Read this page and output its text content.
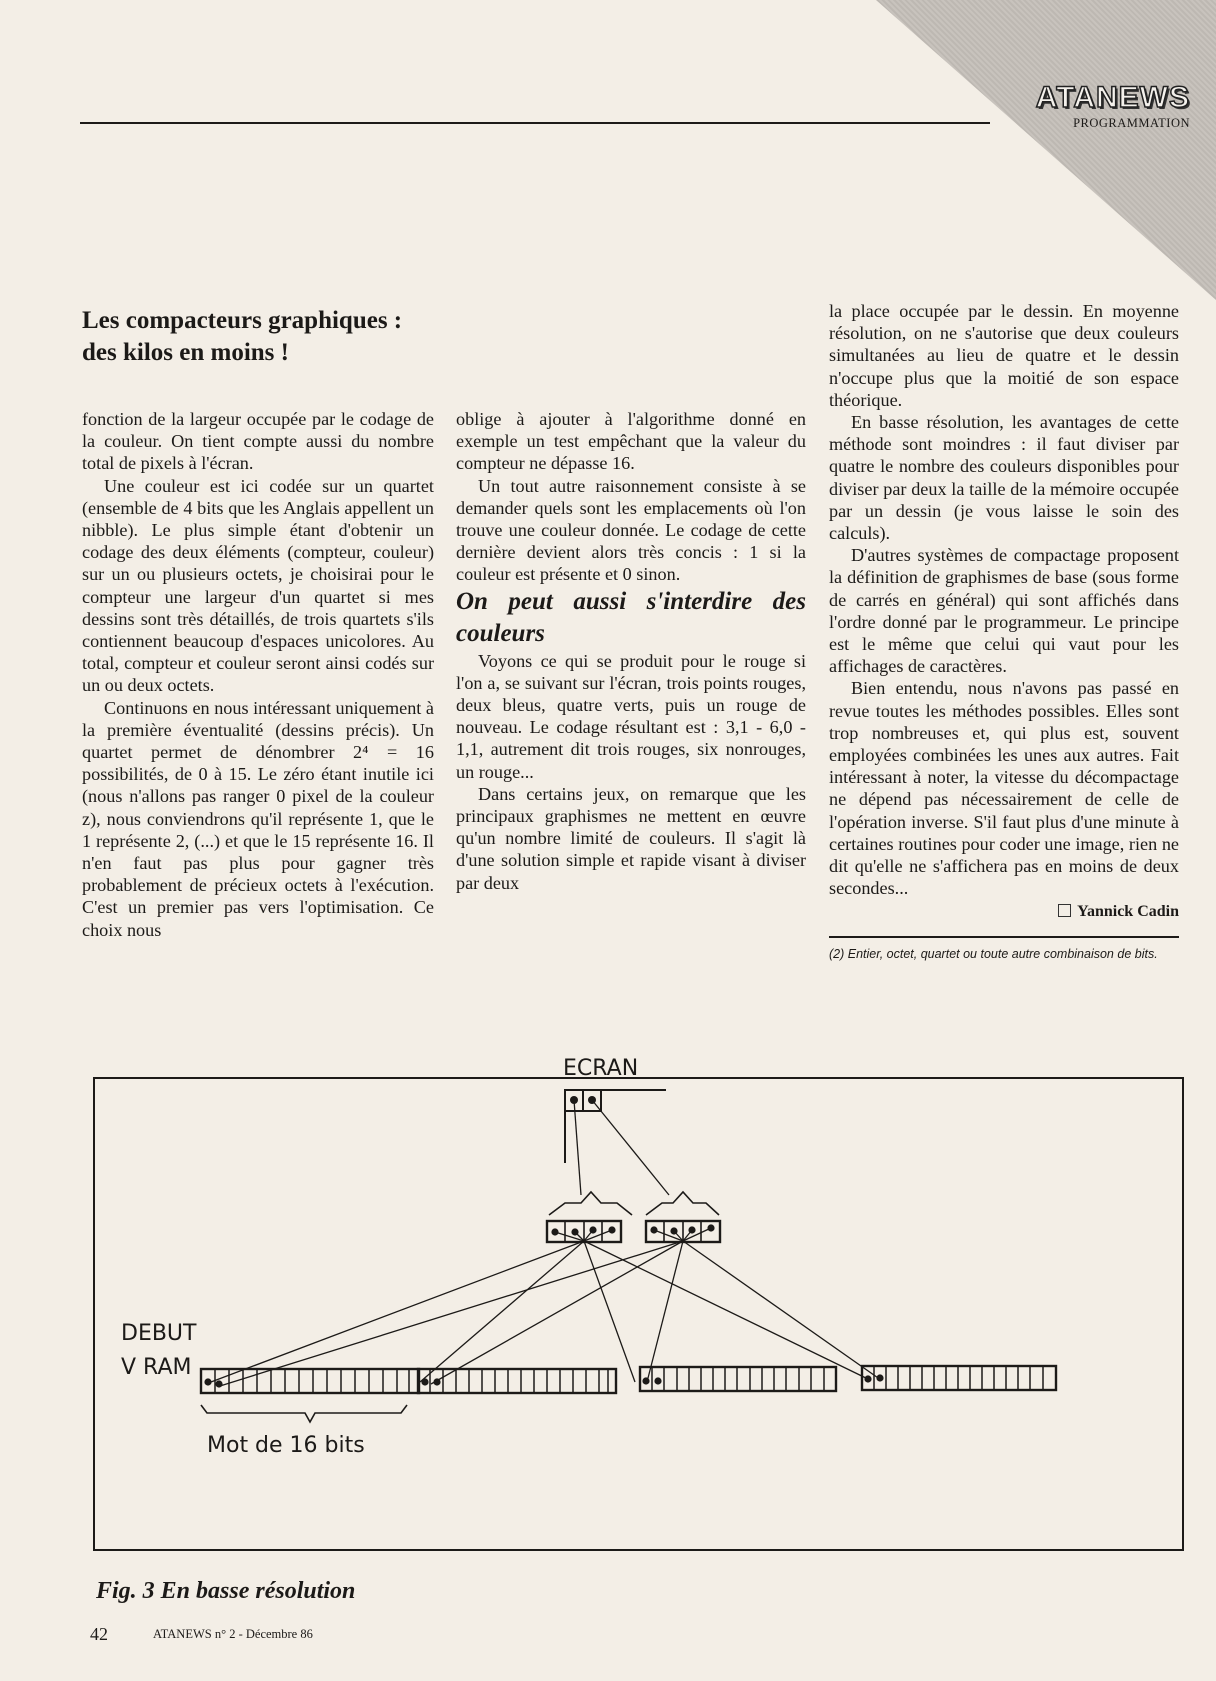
ATANEWS
PROGRAMMATION
Les compacteurs graphiques :
des kilos en moins !

fonction de la largeur occupée par le codage de la couleur. On tient compte aussi du nombre total de pixels à l'écran.

Une couleur est ici codée sur un quartet (ensemble de 4 bits que les Anglais appellent un nibble). Le plus simple étant d'obtenir un codage des deux éléments (compteur, couleur) sur un ou plusieurs octets, je choisirai pour le compteur une largeur d'un quartet si mes dessins sont très détaillés, de trois quartets s'ils contiennent beaucoup d'espaces unicolores. Au total, compteur et couleur seront ainsi codés sur un ou deux octets.

Continuons en nous intéressant uniquement à la première éventualité (dessins précis). Un quartet permet de dénombrer 2⁴ = 16 possibilités, de 0 à 15. Le zéro étant inutile ici (nous n'allons pas ranger 0 pixel de la couleur z), nous conviendrons qu'il représente 1, que le 1 représente 2, (...) et que le 15 représente 16. Il n'en faut pas plus pour gagner très probablement de précieux octets à l'exécution. C'est un premier pas vers l'optimisation. Ce choix nous

oblige à ajouter à l'algorithme donné en exemple un test empêchant que la valeur du compteur ne dépasse 16.

Un tout autre raisonnement consiste à se demander quels sont les emplacements où l'on trouve une couleur donnée. Le codage de cette dernière devient alors très concis : 1 si la couleur est présente et 0 sinon.

On peut aussi s'interdire des couleurs

Voyons ce qui se produit pour le rouge si l'on a, se suivant sur l'écran, trois points rouges, deux bleus, quatre verts, puis un rouge de nouveau. Le codage résultant est : 3,1 - 6,0 - 1,1, autrement dit trois rouges, six nonrouges, un rouge...

Dans certains jeux, on remarque que les principaux graphismes ne mettent en œuvre qu'un nombre limité de couleurs. Il s'agit là d'une solution simple et rapide visant à diviser par deux

la place occupée par le dessin. En moyenne résolution, on ne s'autorise que deux couleurs simultanées au lieu de quatre et le dessin n'occupe plus que la moitié de son espace théorique.

En basse résolution, les avantages de cette méthode sont moindres : il faut diviser par quatre le nombre des couleurs disponibles pour diviser par deux la taille de la mémoire occupée par un dessin (je vous laisse le soin des calculs).

D'autres systèmes de compactage proposent la définition de graphismes de base (sous forme de carrés en général) qui sont affichés dans l'ordre donné par le programmeur. Le principe est le même que celui qui vaut pour les affichages de caractères.

Bien entendu, nous n'avons pas passé en revue toutes les méthodes possibles. Elles sont trop nombreuses et, qui plus est, souvent employées combinées les unes aux autres. Fait intéressant à noter, la vitesse du décompactage ne dépend pas nécessairement de celle de l'opération inverse. S'il faut plus d'une minute à certaines routines pour coder une image, rien ne dit qu'elle ne s'affichera pas en moins de deux secondes...

Yannick Cadin
(2) Entier, octet, quartet ou toute autre combinaison de bits.
ECRAN
DEBUT
V RAM
Mot de 16 bits
Fig. 3 En basse résolution
42	ATANEWS n° 2 - Décembre 86
